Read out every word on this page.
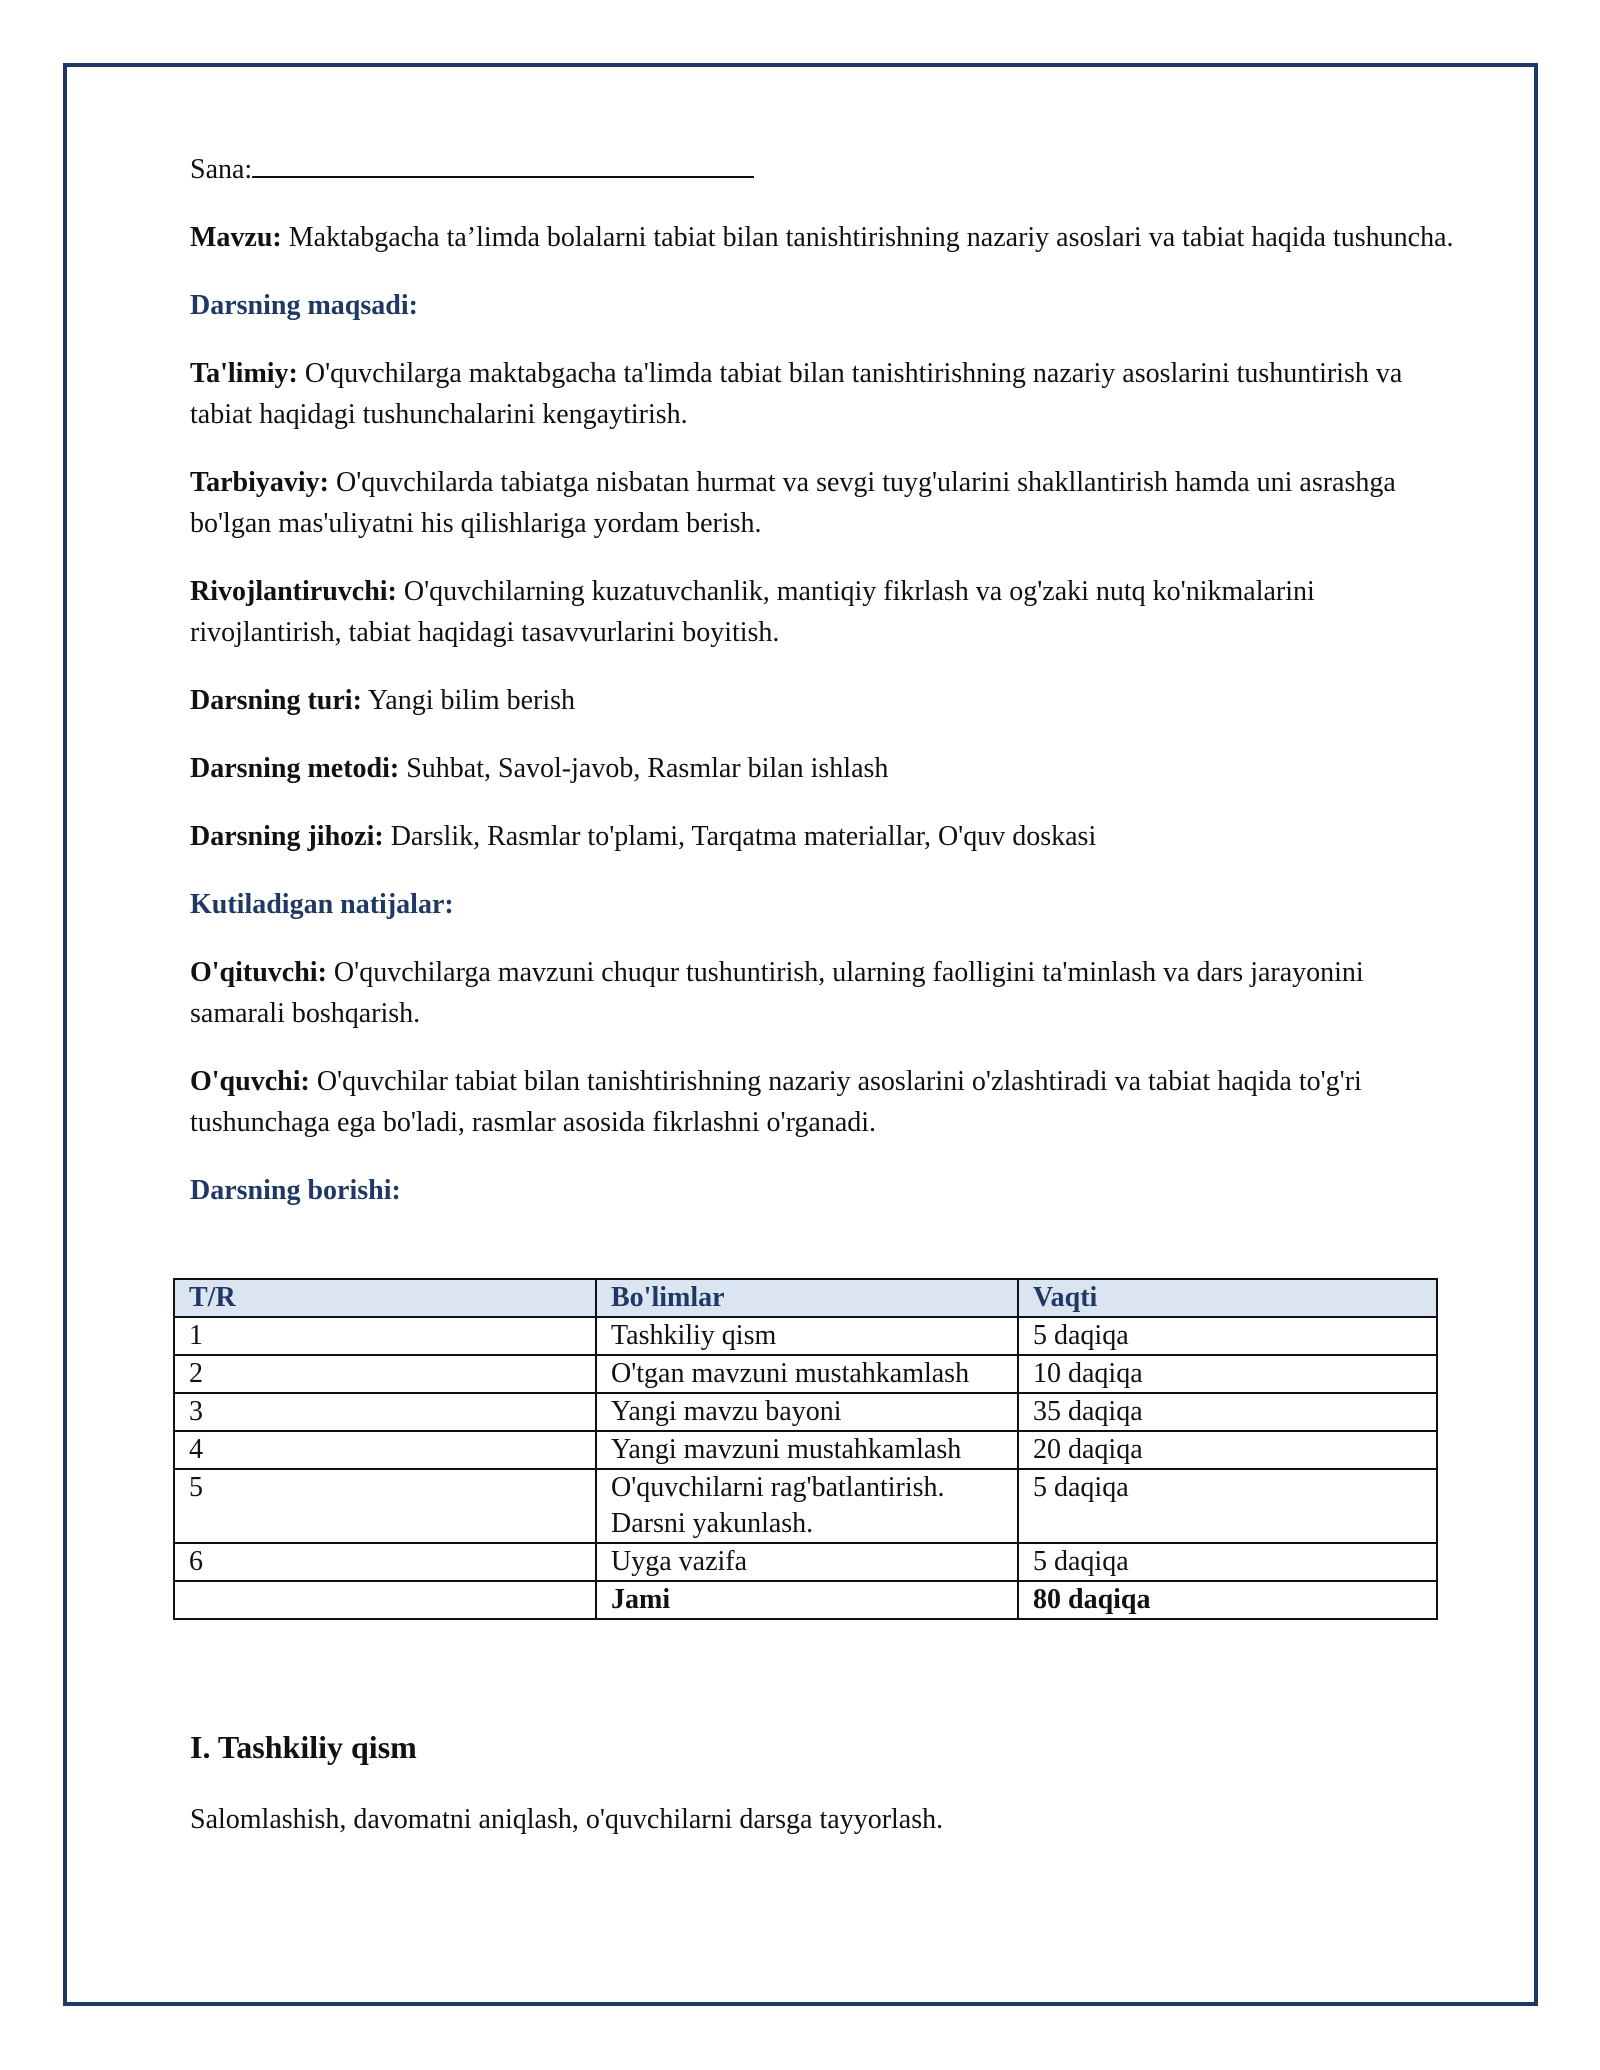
Sana:

Mavzu: Maktabgacha ta’limda bolalarni tabiat bilan tanishtirishning nazariy asoslari va tabiat haqida tushuncha.

Darsning maqsadi:

Ta'limiy: O'quvchilarga maktabgacha ta'limda tabiat bilan tanishtirishning nazariy asoslarini tushuntirish va tabiat haqidagi tushunchalarini kengaytirish.

Tarbiyaviy: O'quvchilarda tabiatga nisbatan hurmat va sevgi tuyg'ularini shakllantirish hamda uni asrashga bo'lgan mas'uliyatni his qilishlariga yordam berish.

Rivojlantiruvchi: O'quvchilarning kuzatuvchanlik, mantiqiy fikrlash va og'zaki nutq ko'nikmalarini rivojlantirish, tabiat haqidagi tasavvurlarini boyitish.

Darsning turi: Yangi bilim berish

Darsning metodi: Suhbat, Savol-javob, Rasmlar bilan ishlash

Darsning jihozi: Darslik, Rasmlar to'plami, Tarqatma materiallar, O'quv doskasi

Kutiladigan natijalar:

O'qituvchi: O'quvchilarga mavzuni chuqur tushuntirish, ularning faolligini ta'minlash va dars jarayonini samarali boshqarish.

O'quvchi: O'quvchilar tabiat bilan tanishtirishning nazariy asoslarini o'zlashtiradi va tabiat haqida to'g'ri tushunchaga ega bo'ladi, rasmlar asosida fikrlashni o'rganadi.

Darsning borishi:

T/R	Bo'limlar	Vaqti
1	Tashkiliy qism	5 daqiqa
2	O'tgan mavzuni mustahkamlash	10 daqiqa
3	Yangi mavzu bayoni	35 daqiqa
4	Yangi mavzuni mustahkamlash	20 daqiqa
5	O'quvchilarni rag'batlantirish. Darsni yakunlash.	5 daqiqa
6	Uyga vazifa	5 daqiqa
	Jami	80 daqiqa
I. Tashkiliy qism

Salomlashish, davomatni aniqlash, o'quvchilarni darsga tayyorlash.
